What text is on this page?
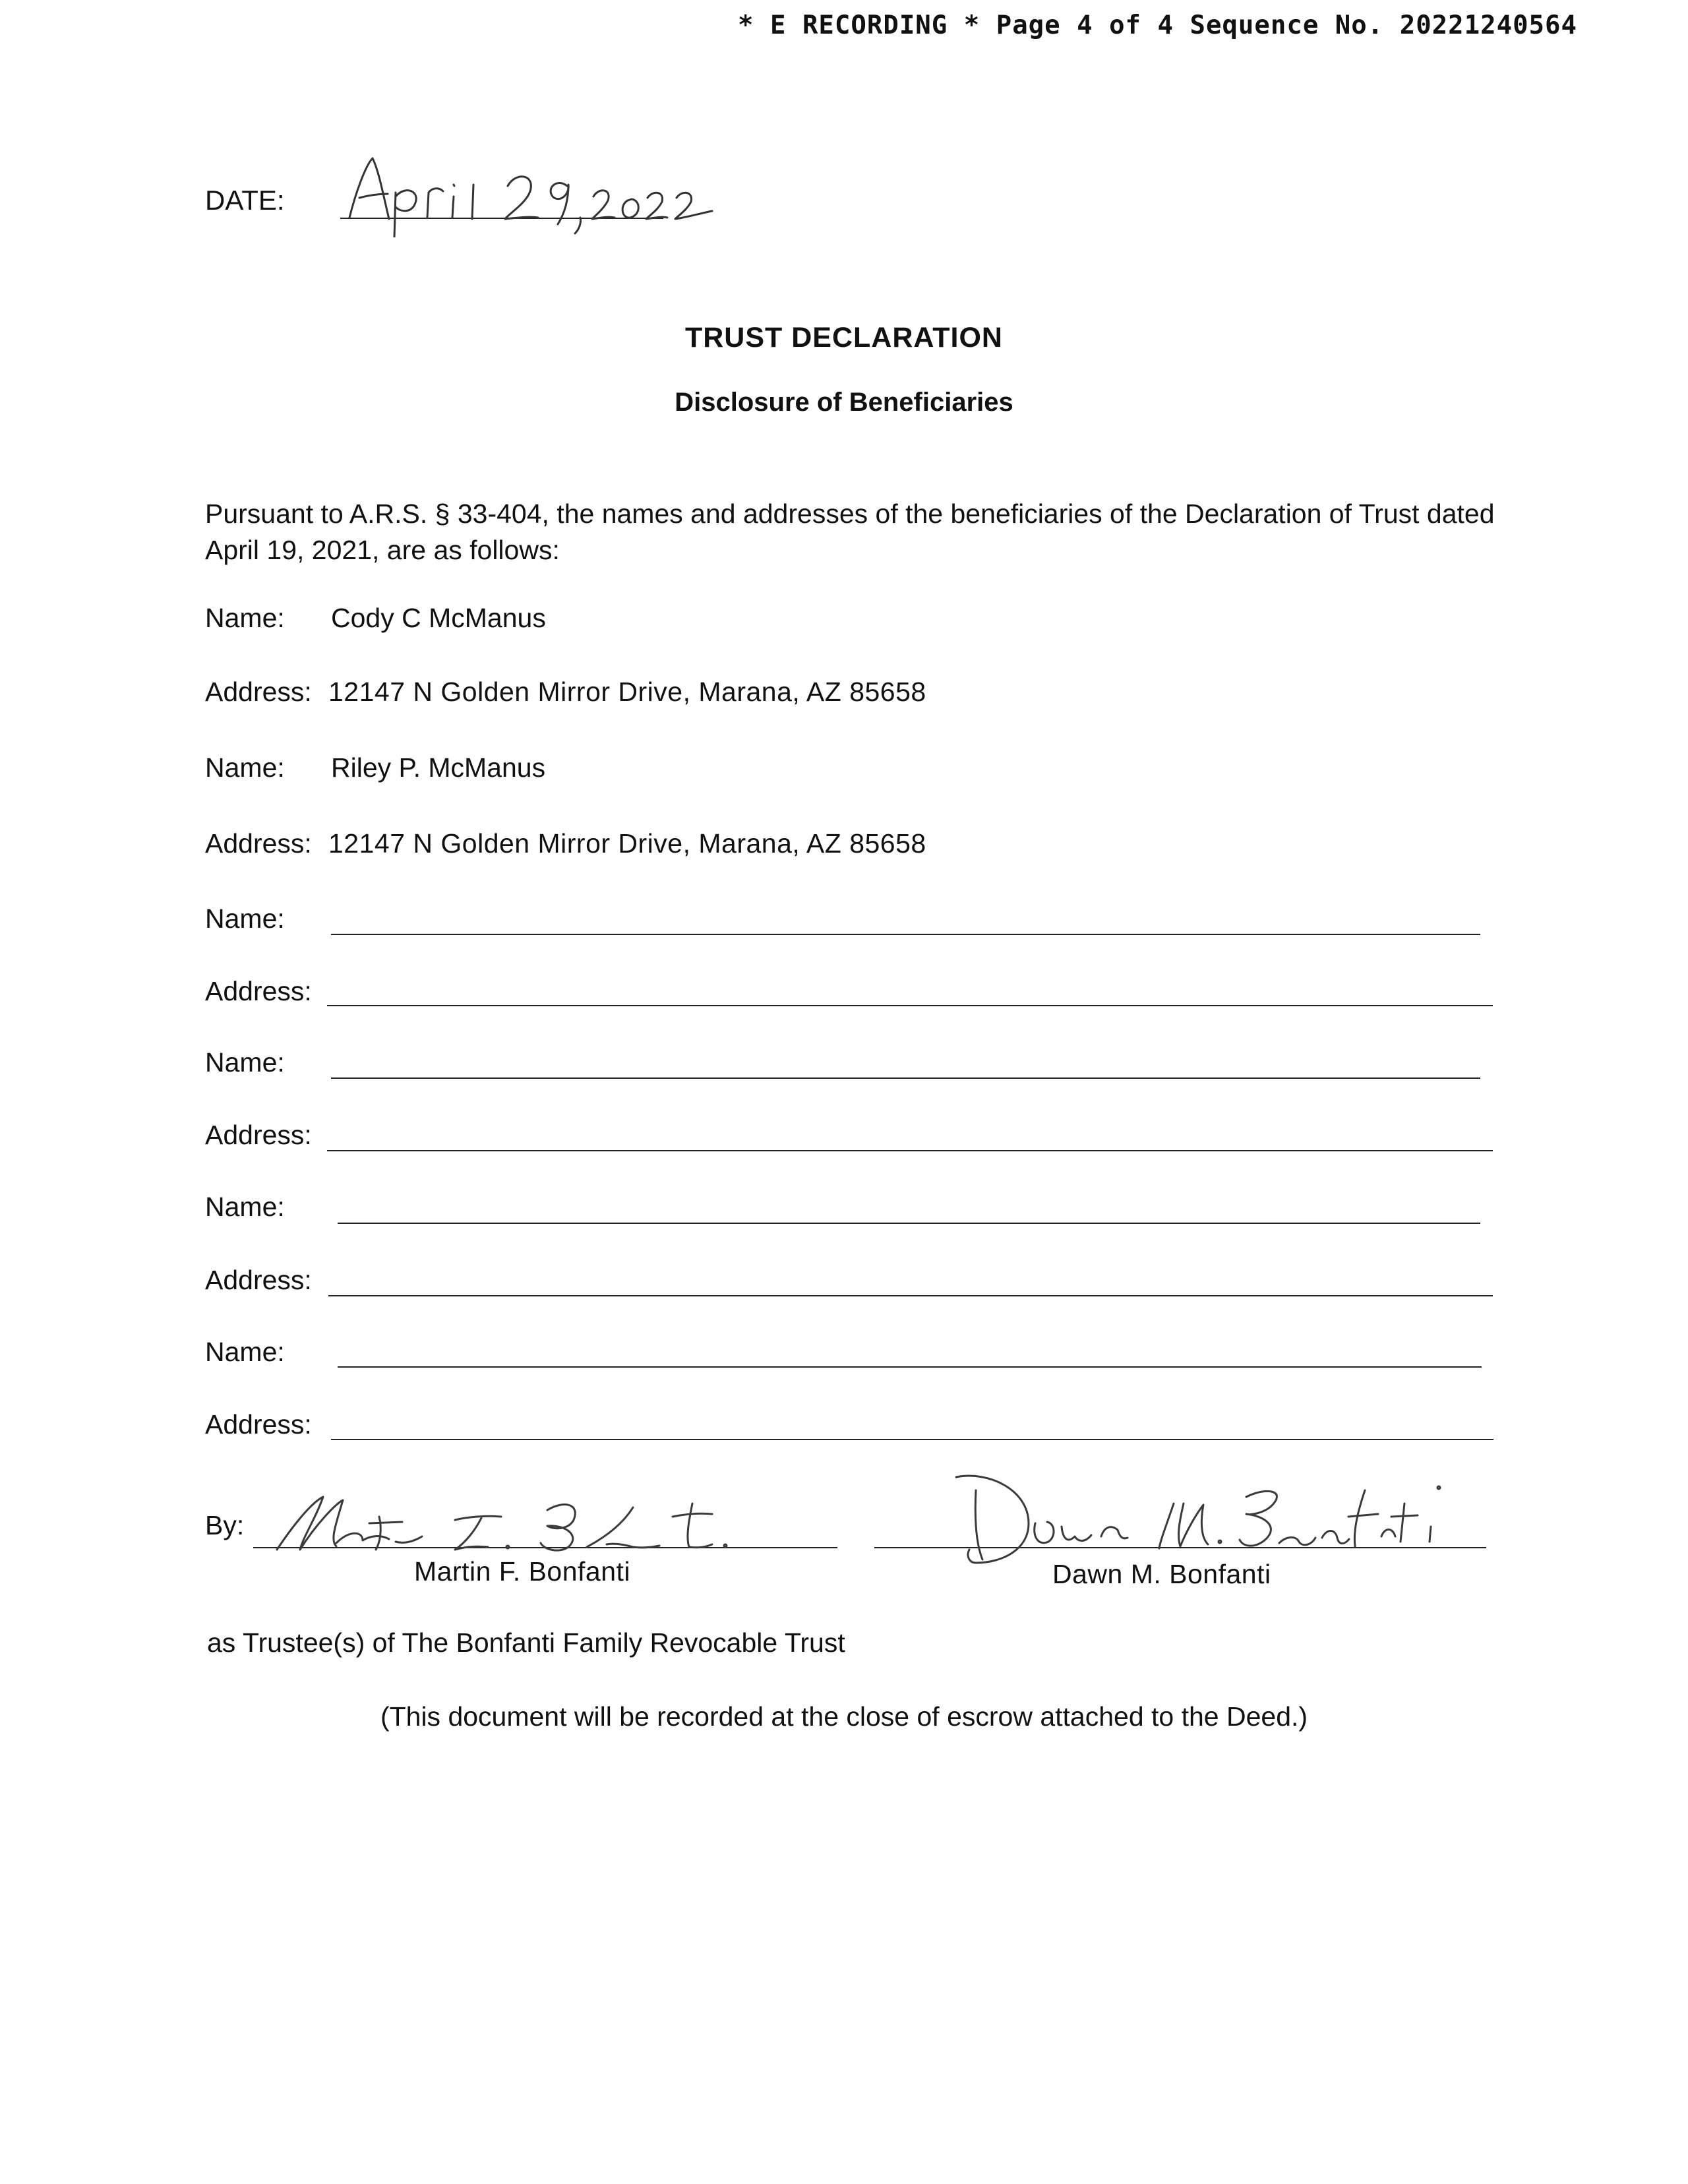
* E RECORDING * Page 4 of 4 Sequence No. 20221240564
DATE:
TRUST DECLARATION
Disclosure of Beneficiaries
Pursuant to A.R.S. § 33-404, the names and addresses of the beneficiaries of the Declaration of Trust dated April 19, 2021, are as follows:
Name: Cody C McManus
Address: 12147 N Golden Mirror Drive, Marana, AZ 85658
Name: Riley P. McManus
Address: 12147 N Golden Mirror Drive, Marana, AZ 85658
Name:
Address:
Name:
Address:
Name:
Address:
Name:
Address:
By:
Martin F. Bonfanti	Dawn M. Bonfanti
as Trustee(s) of The Bonfanti Family Revocable Trust
(This document will be recorded at the close of escrow attached to the Deed.)
